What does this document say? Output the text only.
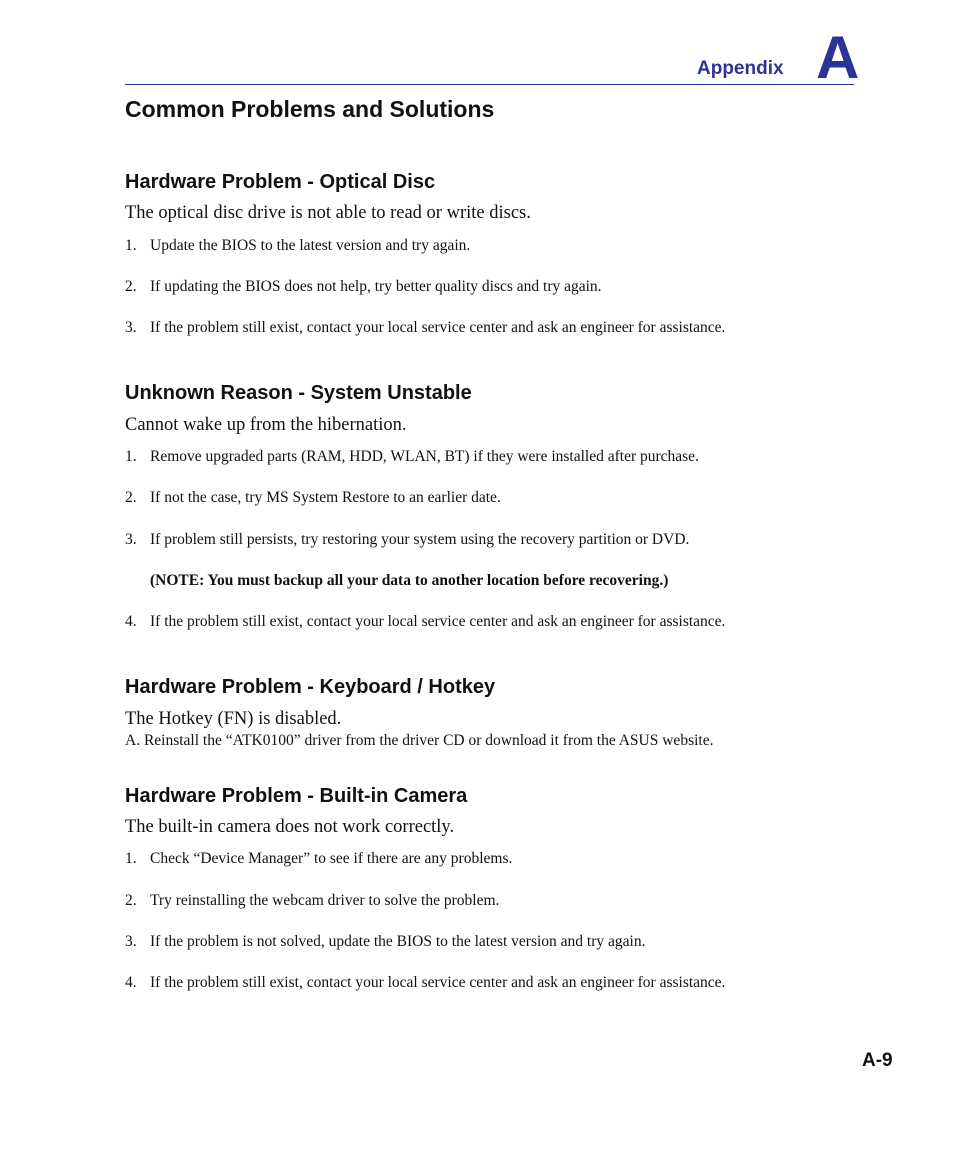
Appendix A
Common Problems and Solutions
Hardware Problem - Optical Disc
The optical disc drive is not able to read or write discs.
1. Update the BIOS to the latest version and try again.
2. If updating the BIOS does not help, try better quality discs and try again.
3. If the problem still exist, contact your local service center and ask an engineer for assistance.
Unknown Reason - System Unstable
Cannot wake up from the hibernation.
1. Remove upgraded parts (RAM, HDD, WLAN, BT) if they were installed after purchase.
2. If not the case, try MS System Restore to an earlier date.
3. If problem still persists, try restoring your system using the recovery partition or DVD.
(NOTE: You must backup all your data to another location before recovering.)
4. If the problem still exist, contact your local service center and ask an engineer for assistance.
Hardware Problem - Keyboard / Hotkey
The Hotkey (FN) is disabled.
A. Reinstall the “ATK0100” driver from the driver CD or download it from the ASUS website.
Hardware Problem - Built-in Camera
The built-in camera does not work correctly.
1. Check “Device Manager” to see if there are any problems.
2. Try reinstalling the webcam driver to solve the problem.
3. If the problem is not solved, update the BIOS to the latest version and try again.
4. If the problem still exist, contact your local service center and ask an engineer for assistance.
A-9
